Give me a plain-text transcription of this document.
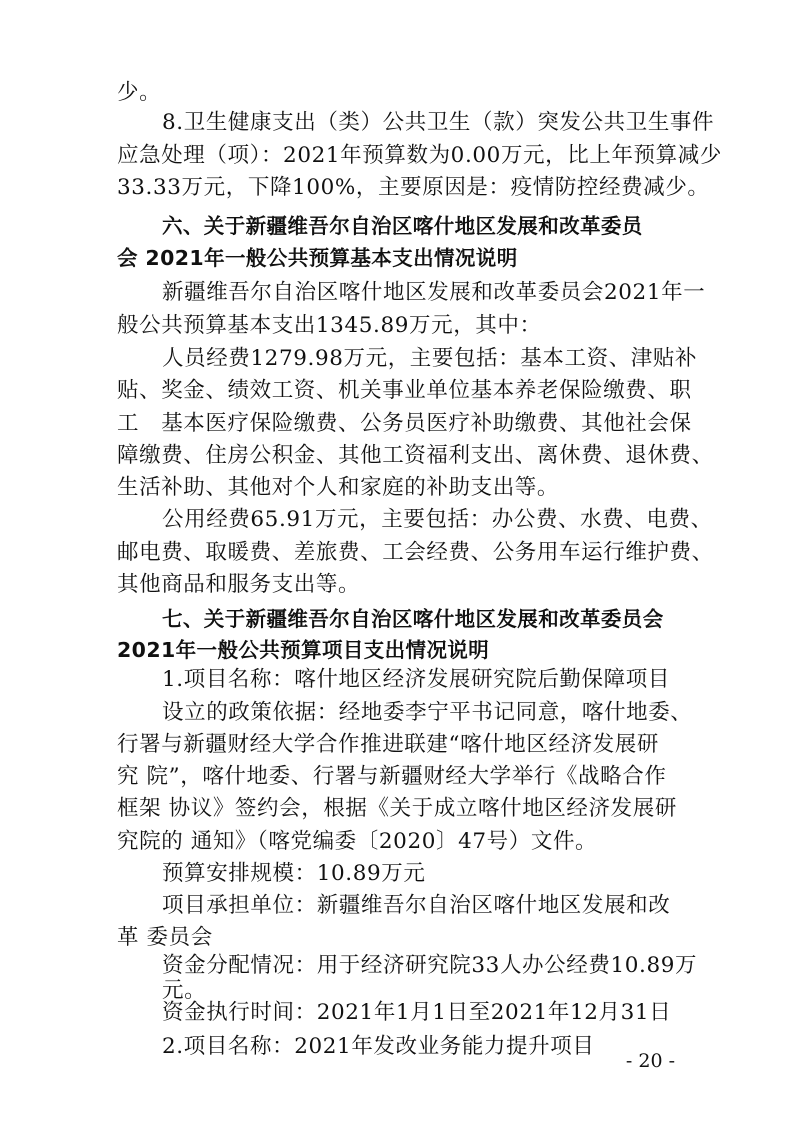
少。
8.卫生健康支出（类）公共卫生（款）突发公共卫生事件
应急处理（项）：2021年预算数为0.00万元，比上年预算减少
33.33万元，下降100%，主要原因是：疫情防控经费减少。
六、关于新疆维吾尔自治区喀什地区发展和改革委员
会 2021年一般公共预算基本支出情况说明
新疆维吾尔自治区喀什地区发展和改革委员会2021年一
般公共预算基本支出1345.89万元，其中：
人员经费1279.98万元，主要包括：基本工资、津贴补
贴、奖金、绩效工资、机关事业单位基本养老保险缴费、职
工　基本医疗保险缴费、公务员医疗补助缴费、其他社会保
障缴费、住房公积金、其他工资福利支出、离休费、退休费、
生活补助、其他对个人和家庭的补助支出等。
公用经费65.91万元，主要包括：办公费、水费、电费、
邮电费、取暖费、差旅费、工会经费、公务用车运行维护费、
其他商品和服务支出等。
七、关于新疆维吾尔自治区喀什地区发展和改革委员会
2021年一般公共预算项目支出情况说明
1.项目名称：喀什地区经济发展研究院后勤保障项目
设立的政策依据：经地委李宁平书记同意，喀什地委、
行署与新疆财经大学合作推进联建“喀什地区经济发展研
究 院”，喀什地委、行署与新疆财经大学举行《战略合作
框架 协议》签约会，根据《关于成立喀什地区经济发展研
究院的 通知》（喀党编委〔2020〕47号）文件。
预算安排规模：10.89万元
项目承担单位：新疆维吾尔自治区喀什地区发展和改
革 委员会
资金分配情况：用于经济研究院33人办公经费10.89万
元。
资金执行时间：2021年1月1日至2021年12月31日
2.项目名称：2021年发改业务能力提升项目
- 20 -
